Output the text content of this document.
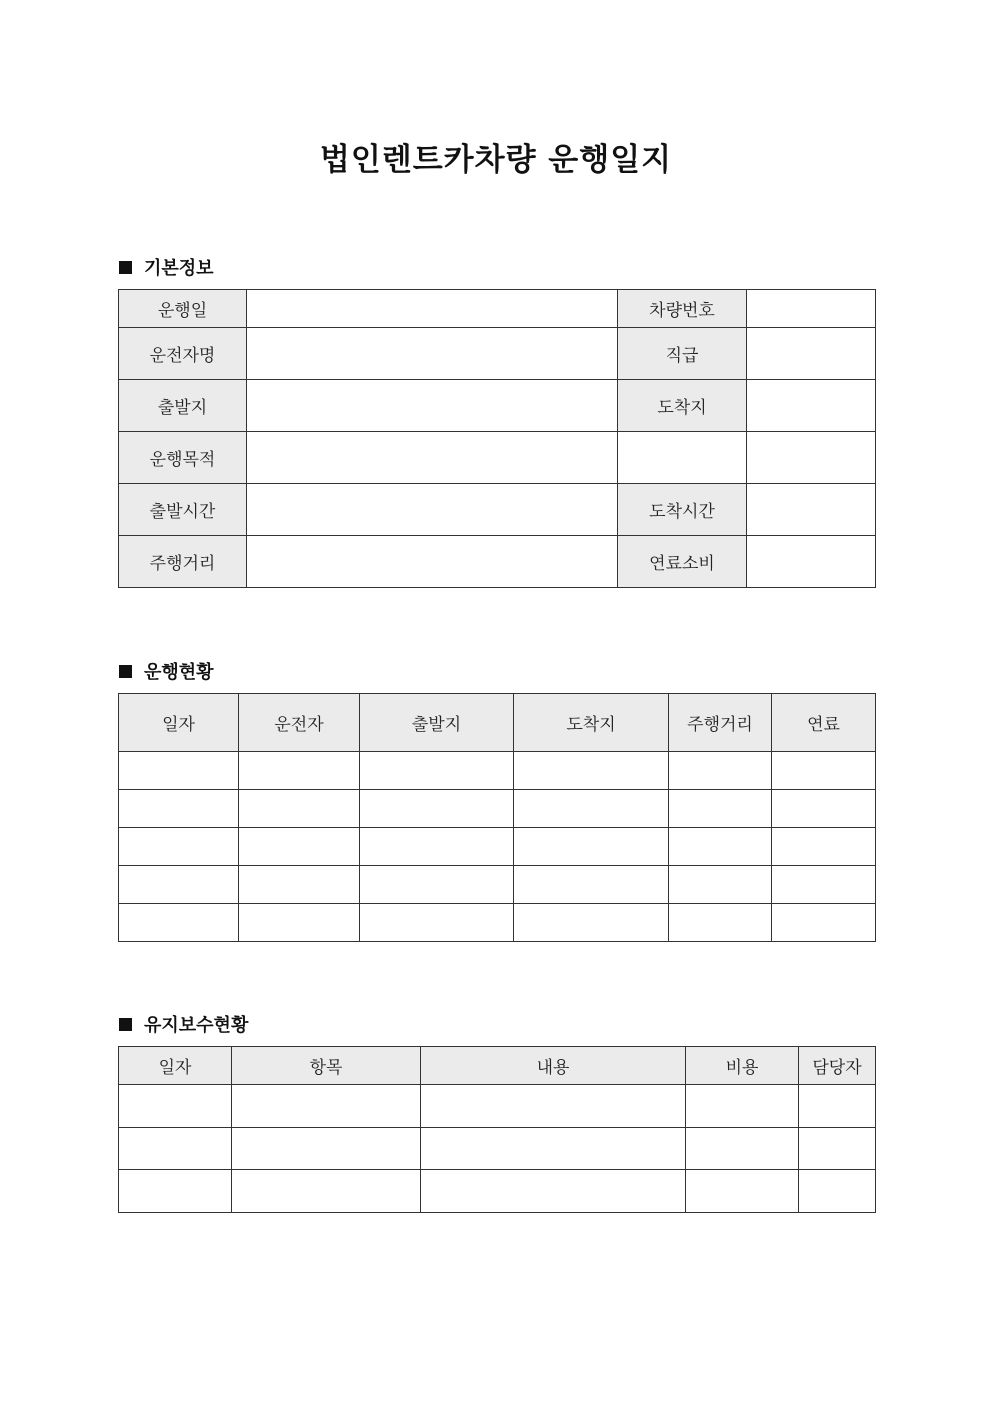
법인렌트카차량 운행일지
기본정보
운행일		차량번호	
운전자명		직급	
출발지		도착지	
운행목적			
출발시간		도착시간	
주행거리		연료소비	
운행현황
일자	운전자	출발지	도착지	주행거리	연료

유지보수현황
일자	항목	내용	비용	담당자
